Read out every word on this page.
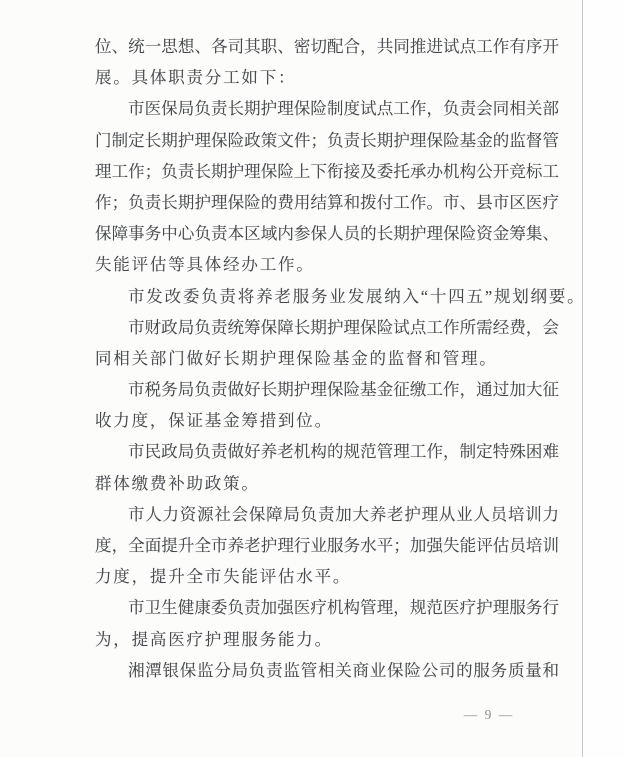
位、统一思想、各司其职、密切配合，共同推进试点工作有序开
展。具体职责分工如下：
市医保局负责长期护理保险制度试点工作，负责会同相关部
门制定长期护理保险政策文件；负责长期护理保险基金的监督管
理工作；负责长期护理保险上下衔接及委托承办机构公开竞标工
作；负责长期护理保险的费用结算和拨付工作。市、县市区医疗
保障事务中心负责本区域内参保人员的长期护理保险资金筹集、
失能评估等具体经办工作。
市发改委负责将养老服务业发展纳入“十四五”规划纲要。
市财政局负责统筹保障长期护理保险试点工作所需经费，会
同相关部门做好长期护理保险基金的监督和管理。
市税务局负责做好长期护理保险基金征缴工作，通过加大征
收力度，保证基金筹措到位。
市民政局负责做好养老机构的规范管理工作，制定特殊困难
群体缴费补助政策。
市人力资源社会保障局负责加大养老护理从业人员培训力
度，全面提升全市养老护理行业服务水平；加强失能评估员培训
力度，提升全市失能评估水平。
市卫生健康委负责加强医疗机构管理，规范医疗护理服务行
为，提高医疗护理服务能力。
湘潭银保监分局负责监管相关商业保险公司的服务质量和
— 9 —
